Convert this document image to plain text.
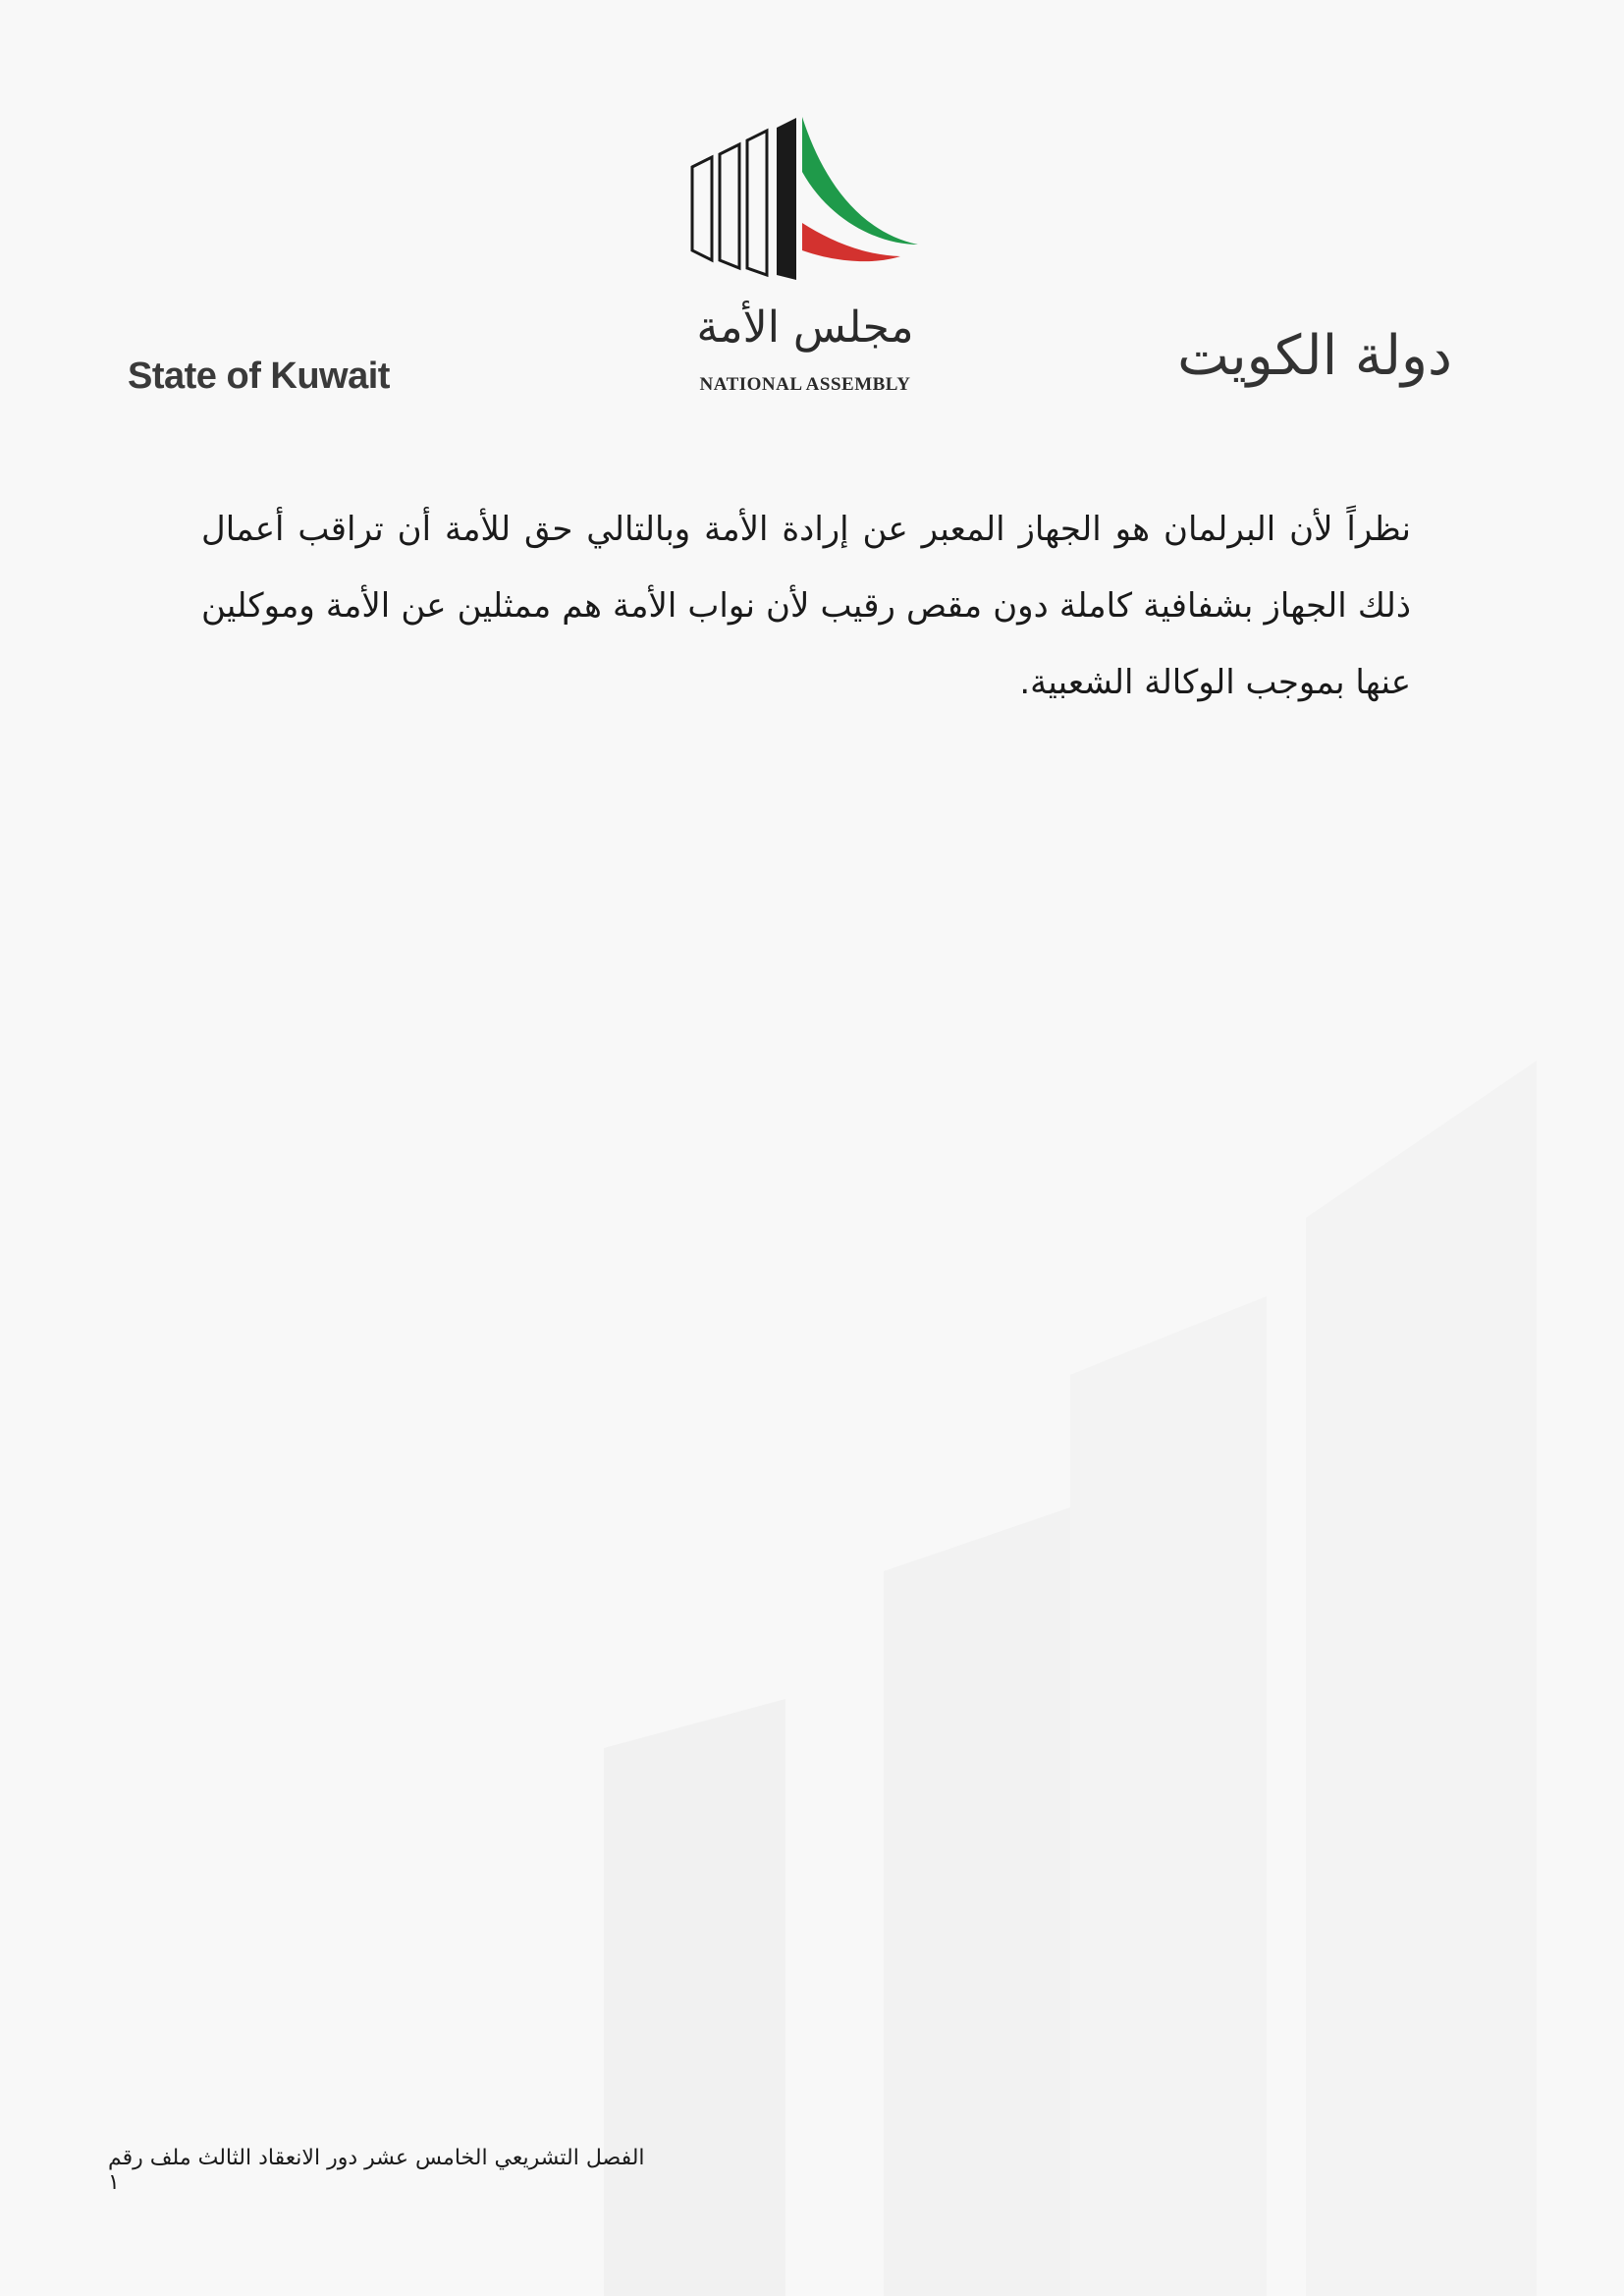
State of Kuwait	دولة الكويت
مجلس الأمة
NATIONAL ASSEMBLY
نظراً لأن البرلمان هو الجهاز المعبر عن إرادة الأمة وبالتالي حق للأمة أن تراقب أعمال ذلك الجهاز بشفافية كاملة دون مقص رقيب لأن نواب الأمة هم ممثلين عن الأمة وموكلين عنها بموجب الوكالة الشعبية.
الفصل التشريعي الخامس عشر دور الانعقاد الثالث ملف رقم ١
